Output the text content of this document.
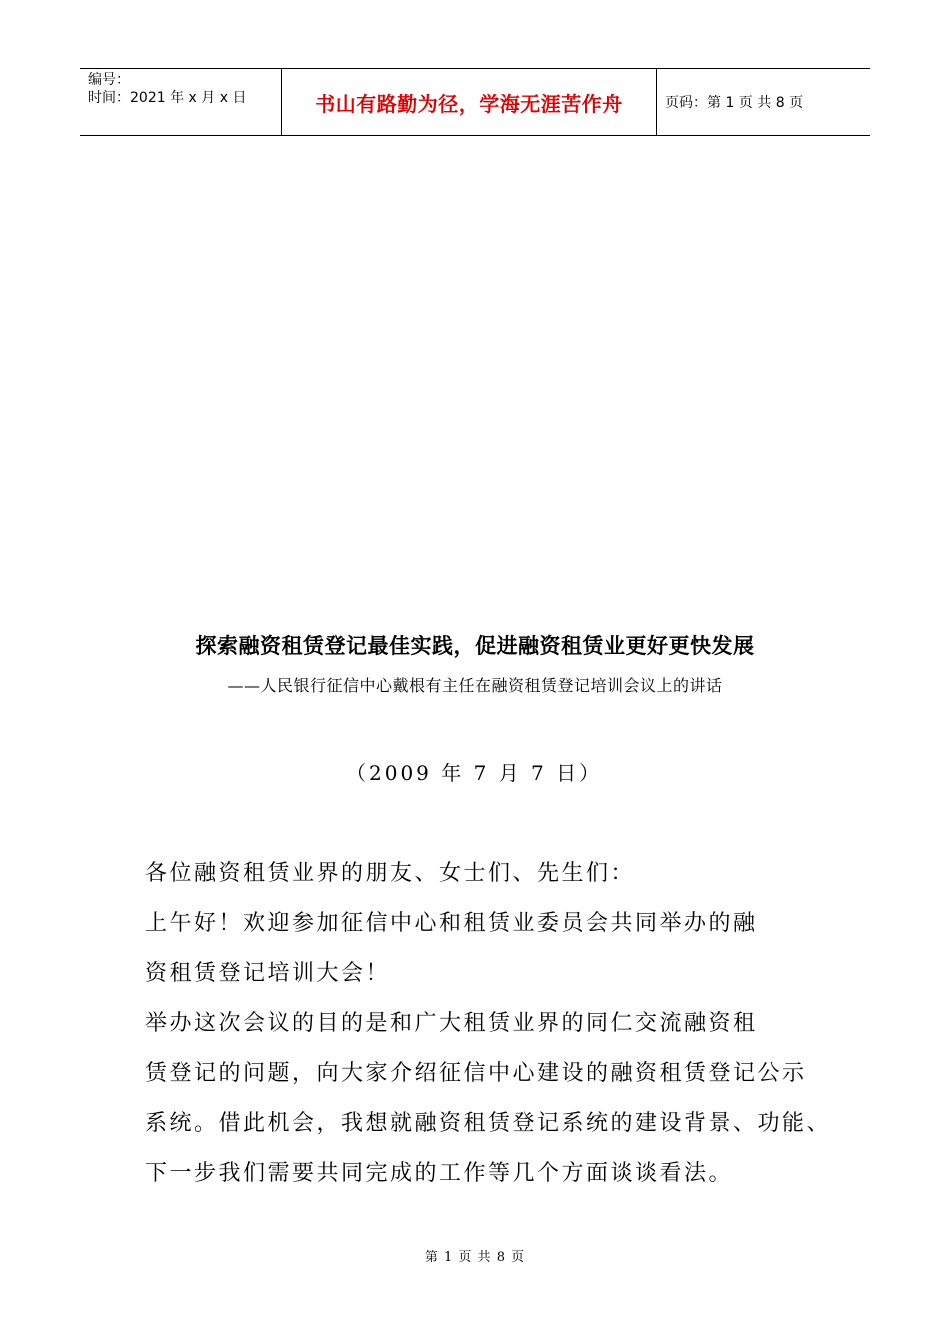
编号：
时间：2021 年 x 月 x 日	书山有路勤为径，学海无涯苦作舟	页码：第 1 页 共 8 页
探索融资租赁登记最佳实践，促进融资租赁业更好更快发展
——人民银行征信中心戴根有主任在融资租赁登记培训会议上的讲话
（2009 年 7 月 7 日）
各位融资租赁业界的朋友、女士们、先生们：
上午好！欢迎参加征信中心和租赁业委员会共同举办的融
资租赁登记培训大会！
举办这次会议的目的是和广大租赁业界的同仁交流融资租
赁登记的问题，向大家介绍征信中心建设的融资租赁登记公示
系统。借此机会，我想就融资租赁登记系统的建设背景、功能、
下一步我们需要共同完成的工作等几个方面谈谈看法。
第 1 页 共 8 页
